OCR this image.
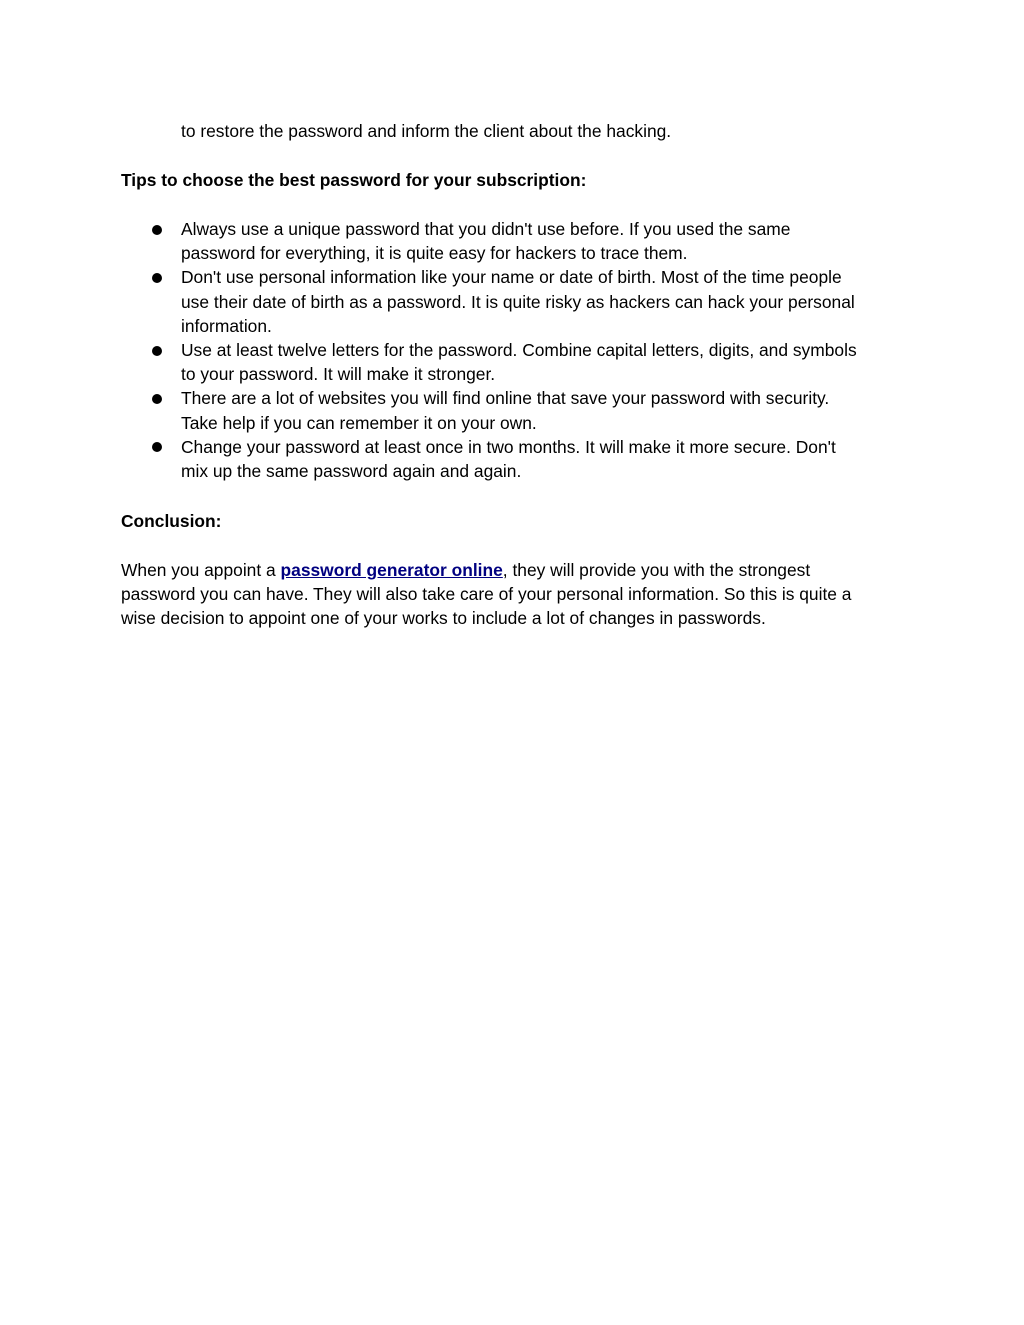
to restore the password and inform the client about the hacking.
Tips to choose the best password for your subscription:
Always use a unique password that you didn't use before. If you used the same
password for everything, it is quite easy for hackers to trace them.
Don't use personal information like your name or date of birth. Most of the time people
use their date of birth as a password. It is quite risky as hackers can hack your personal
information.
Use at least twelve letters for the password. Combine capital letters, digits, and symbols
to your password. It will make it stronger.
There are a lot of websites you will find online that save your password with security.
Take help if you can remember it on your own.
Change your password at least once in two months. It will make it more secure. Don't
mix up the same password again and again.
Conclusion:
When you appoint a password generator online, they will provide you with the strongest
password you can have. They will also take care of your personal information. So this is quite a
wise decision to appoint one of your works to include a lot of changes in passwords.
